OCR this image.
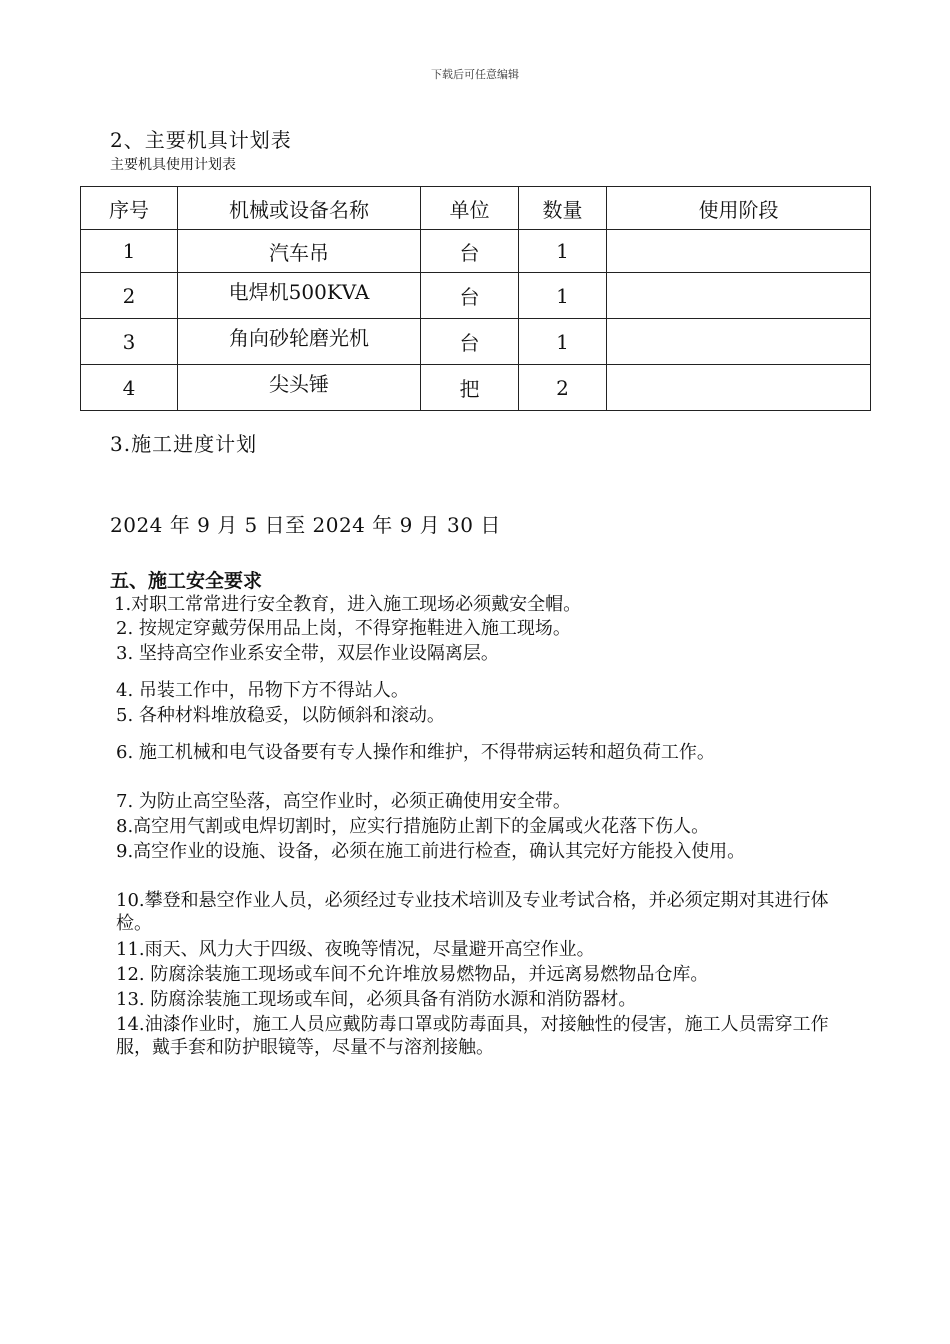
下载后可任意编辑
2、主要机具计划表
主要机具使用计划表
序号	机械或设备名称	单位	数量	使用阶段
1	汽车吊	台	1	
2	电焊机500KVA	台	1	
3	角向砂轮磨光机	台	1	
4	尖头锤	把	2	
3.施工进度计划
2024 年 9 月 5 日至 2024 年 9 月 30 日
五、施工安全要求
1.对职工常常进行安全教育，进入施工现场必须戴安全帽。
2. 按规定穿戴劳保用品上岗，不得穿拖鞋进入施工现场。
3. 坚持高空作业系安全带，双层作业设隔离层。
4. 吊装工作中，吊物下方不得站人。
5. 各种材料堆放稳妥，以防倾斜和滚动。
6. 施工机械和电气设备要有专人操作和维护，不得带病运转和超负荷工作。
7. 为防止高空坠落，高空作业时，必须正确使用安全带。
8.高空用气割或电焊切割时，应实行措施防止割下的金属或火花落下伤人。
9.高空作业的设施、设备，必须在施工前进行检查，确认其完好方能投入使用。
10.攀登和悬空作业人员，必须经过专业技术培训及专业考试合格，并必须定期对其进行体检。
11.雨天、风力大于四级、夜晚等情况，尽量避开高空作业。
12. 防腐涂装施工现场或车间不允许堆放易燃物品，并远离易燃物品仓库。
13. 防腐涂装施工现场或车间，必须具备有消防水源和消防器材。
14.油漆作业时，施工人员应戴防毒口罩或防毒面具，对接触性的侵害，施工人员需穿工作服，戴手套和防护眼镜等，尽量不与溶剂接触。
